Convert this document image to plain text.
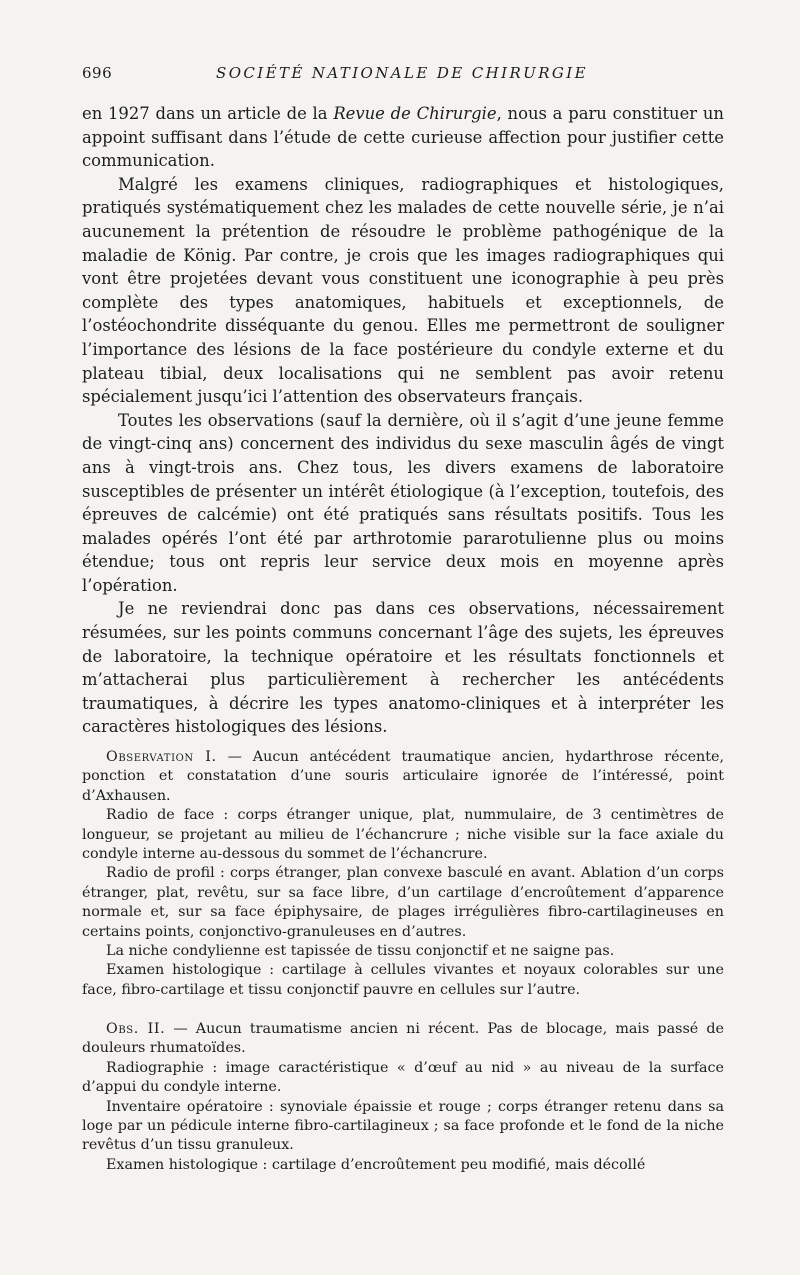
696	SOCIÉTÉ NATIONALE DE CHIRURGIE

en 1927 dans un article de la Revue de Chirurgie, nous a paru constituer un appoint suffisant dans l’étude de cette curieuse affection pour justifier cette communication.

Malgré les examens cliniques, radiographiques et histologiques, pratiqués systématiquement chez les malades de cette nouvelle série, je n’ai aucunement la prétention de résoudre le problème pathogénique de la maladie de König. Par contre, je crois que les images radiographiques qui vont être projetées devant vous constituent une iconographie à peu près complète des types anatomiques, habituels et exceptionnels, de l’ostéochondrite disséquante du genou. Elles me permettront de souligner l’importance des lésions de la face postérieure du condyle externe et du plateau tibial, deux localisations qui ne semblent pas avoir retenu spécialement jusqu’ici l’attention des observateurs français.

Toutes les observations (sauf la dernière, où il s’agit d’une jeune femme de vingt-cinq ans) concernent des individus du sexe masculin âgés de vingt ans à vingt-trois ans. Chez tous, les divers examens de laboratoire susceptibles de présenter un intérêt étiologique (à l’exception, toutefois, des épreuves de calcémie) ont été pratiqués sans résultats positifs. Tous les malades opérés l’ont été par arthrotomie pararotulienne plus ou moins étendue; tous ont repris leur service deux mois en moyenne après l’opération.

Je ne reviendrai donc pas dans ces observations, nécessairement résumées, sur les points communs concernant l’âge des sujets, les épreuves de laboratoire, la technique opératoire et les résultats fonctionnels et m’attacherai plus particulièrement à rechercher les antécédents traumatiques, à décrire les types anatomo-cliniques et à interpréter les caractères histologiques des lésions.

Observation I. — Aucun antécédent traumatique ancien, hydarthrose récente, ponction et constatation d’une souris articulaire ignorée de l’intéressé, point d’Axhausen.

Radio de face : corps étranger unique, plat, nummulaire, de 3 centimètres de longueur, se projetant au milieu de l’échancrure ; niche visible sur la face axiale du condyle interne au-dessous du sommet de l’échancrure.

Radio de profil : corps étranger, plan convexe basculé en avant. Ablation d’un corps étranger, plat, revêtu, sur sa face libre, d’un cartilage d’encroûtement d’apparence normale et, sur sa face épiphysaire, de plages irrégulières fibro-cartilagineuses en certains points, conjonctivo-granuleuses en d’autres.

La niche condylienne est tapissée de tissu conjonctif et ne saigne pas.

Examen histologique : cartilage à cellules vivantes et noyaux colorables sur une face, fibro-cartilage et tissu conjonctif pauvre en cellules sur l’autre.

Obs. II. — Aucun traumatisme ancien ni récent. Pas de blocage, mais passé de douleurs rhumatoïdes.

Radiographie : image caractéristique « d’œuf au nid » au niveau de la surface d’appui du condyle interne.

Inventaire opératoire : synoviale épaissie et rouge ; corps étranger retenu dans sa loge par un pédicule interne fibro-cartilagineux ; sa face profonde et le fond de la niche revêtus d’un tissu granuleux.

Examen histologique : cartilage d’encroûtement peu modifié, mais décollé
